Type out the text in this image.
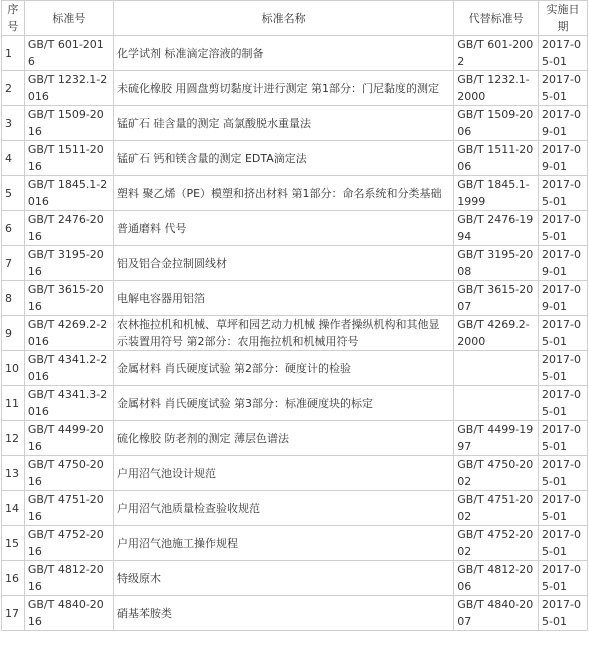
序号	标准号	标准名称	代替标准号	实施日期
1	GB/T 601-2016	化学试剂 标准滴定溶液的制备	GB/T 601-2002	2017-05-01
2	GB/T 1232.1-2016	未硫化橡胶 用圆盘剪切黏度计进行测定 第1部分：门尼黏度的测定	GB/T 1232.1-2000	2017-05-01
3	GB/T 1509-2016	锰矿石 硅含量的测定 高氯酸脱水重量法	GB/T 1509-2006	2017-09-01
4	GB/T 1511-2016	锰矿石 钙和镁含量的测定 EDTA滴定法	GB/T 1511-2006	2017-09-01
5	GB/T 1845.1-2016	塑料 聚乙烯（PE）模塑和挤出材料 第1部分：命名系统和分类基础	GB/T 1845.1-1999	2017-05-01
6	GB/T 2476-2016	普通磨料 代号	GB/T 2476-1994	2017-05-01
7	GB/T 3195-2016	铝及铝合金拉制圆线材	GB/T 3195-2008	2017-09-01
8	GB/T 3615-2016	电解电容器用铝箔	GB/T 3615-2007	2017-09-01
9	GB/T 4269.2-2016	农林拖拉机和机械、草坪和园艺动力机械 操作者操纵机构和其他显示装置用符号 第2部分：农用拖拉机和机械用符号	GB/T 4269.2-2000	2017-05-01
10	GB/T 4341.2-2016	金属材料 肖氏硬度试验 第2部分：硬度计的检验		2017-05-01
11	GB/T 4341.3-2016	金属材料 肖氏硬度试验 第3部分：标准硬度块的标定		2017-05-01
12	GB/T 4499-2016	硫化橡胶 防老剂的测定 薄层色谱法	GB/T 4499-1997	2017-05-01
13	GB/T 4750-2016	户用沼气池设计规范	GB/T 4750-2002	2017-05-01
14	GB/T 4751-2016	户用沼气池质量检查验收规范	GB/T 4751-2002	2017-05-01
15	GB/T 4752-2016	户用沼气池施工操作规程	GB/T 4752-2002	2017-05-01
16	GB/T 4812-2016	特级原木	GB/T 4812-2006	2017-05-01
17	GB/T 4840-2016	硝基苯胺类	GB/T 4840-2007	2017-05-01
